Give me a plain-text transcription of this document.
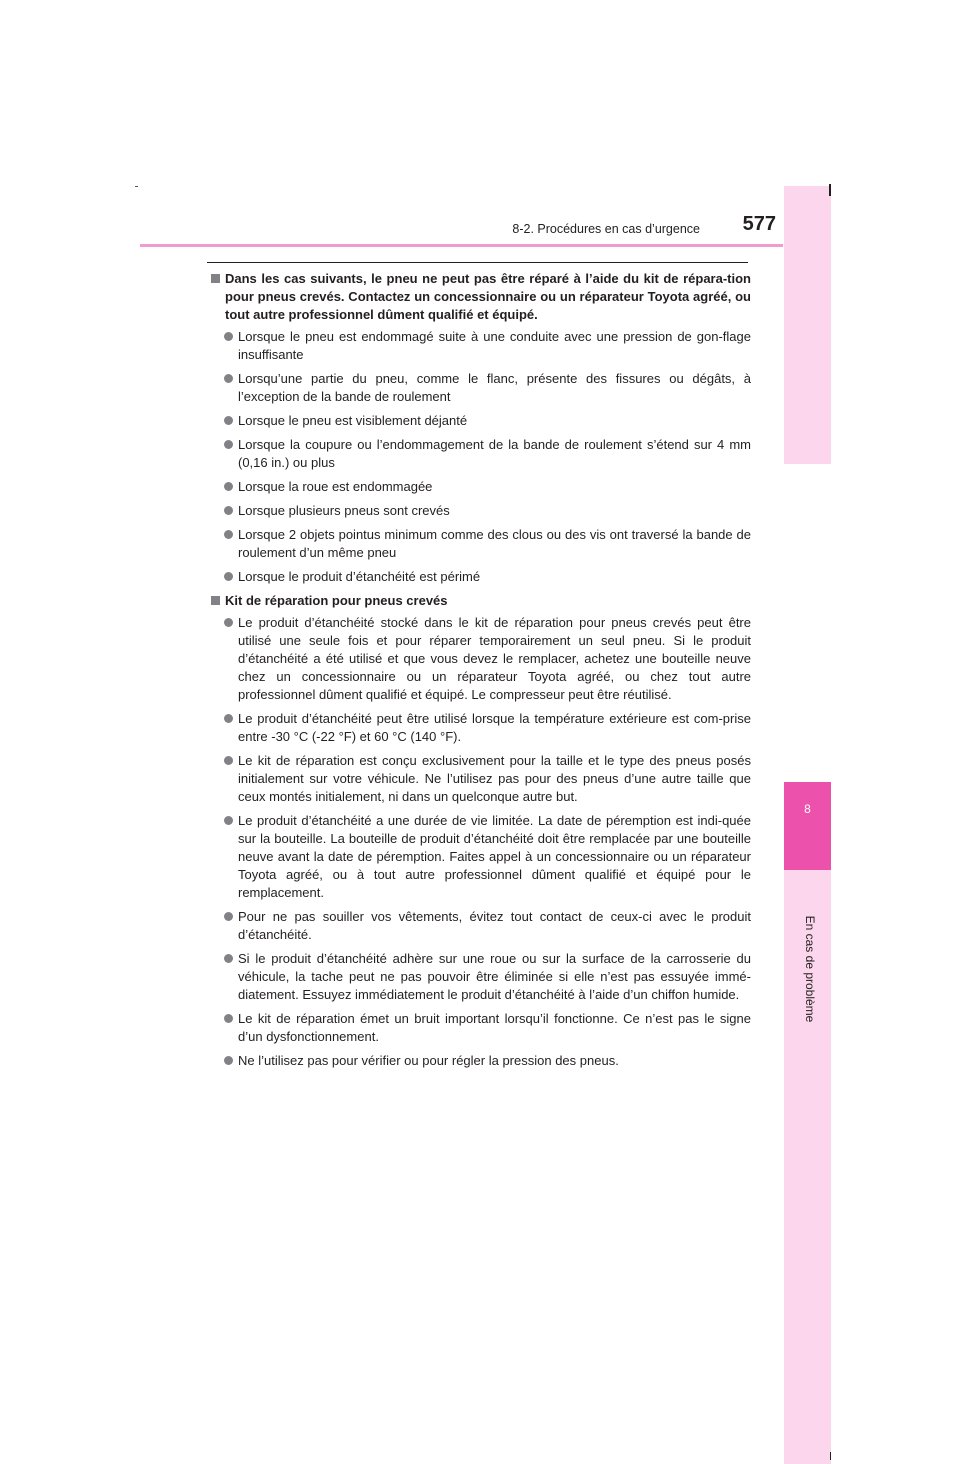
8-2. Procédures en cas d’urgence	577
8
En cas de problème
Dans les cas suivants, le pneu ne peut pas être réparé à l’aide du kit de répara-tion pour pneus crevés. Contactez un concessionnaire ou un réparateur Toyota agréé, ou tout autre professionnel dûment qualifié et équipé.
Lorsque le pneu est endommagé suite à une conduite avec une pression de gon-flage insuffisante
Lorsqu’une partie du pneu, comme le flanc, présente des fissures ou dégâts, à l’exception de la bande de roulement
Lorsque le pneu est visiblement déjanté
Lorsque la coupure ou l’endommagement de la bande de roulement s’étend sur 4 mm (0,16 in.) ou plus
Lorsque la roue est endommagée
Lorsque plusieurs pneus sont crevés
Lorsque 2 objets pointus minimum comme des clous ou des vis ont traversé la bande de roulement d’un même pneu
Lorsque le produit d’étanchéité est périmé
Kit de réparation pour pneus crevés
Le produit d’étanchéité stocké dans le kit de réparation pour pneus crevés peut être utilisé une seule fois et pour réparer temporairement un seul pneu. Si le produit d’étanchéité a été utilisé et que vous devez le remplacer, achetez une bouteille neuve chez un concessionnaire ou un réparateur Toyota agréé, ou chez tout autre professionnel dûment qualifié et équipé. Le compresseur peut être réutilisé.
Le produit d’étanchéité peut être utilisé lorsque la température extérieure est com-prise entre -30 °C (-22 °F) et 60 °C (140 °F).
Le kit de réparation est conçu exclusivement pour la taille et le type des pneus posés initialement sur votre véhicule. Ne l’utilisez pas pour des pneus d’une autre taille que ceux montés initialement, ni dans un quelconque autre but.
Le produit d’étanchéité a une durée de vie limitée. La date de péremption est indi-quée sur la bouteille. La bouteille de produit d’étanchéité doit être remplacée par une bouteille neuve avant la date de péremption. Faites appel à un concessionnaire ou un réparateur Toyota agréé, ou à tout autre professionnel dûment qualifié et équipé pour le remplacement.
Pour ne pas souiller vos vêtements, évitez tout contact de ceux-ci avec le produit d’étanchéité.
Si le produit d’étanchéité adhère sur une roue ou sur la surface de la carrosserie du véhicule, la tache peut ne pas pouvoir être éliminée si elle n’est pas essuyée immé-diatement. Essuyez immédiatement le produit d’étanchéité à l’aide d’un chiffon humide.
Le kit de réparation émet un bruit important lorsqu’il fonctionne. Ce n’est pas le signe d’un dysfonctionnement.
Ne l’utilisez pas pour vérifier ou pour régler la pression des pneus.
